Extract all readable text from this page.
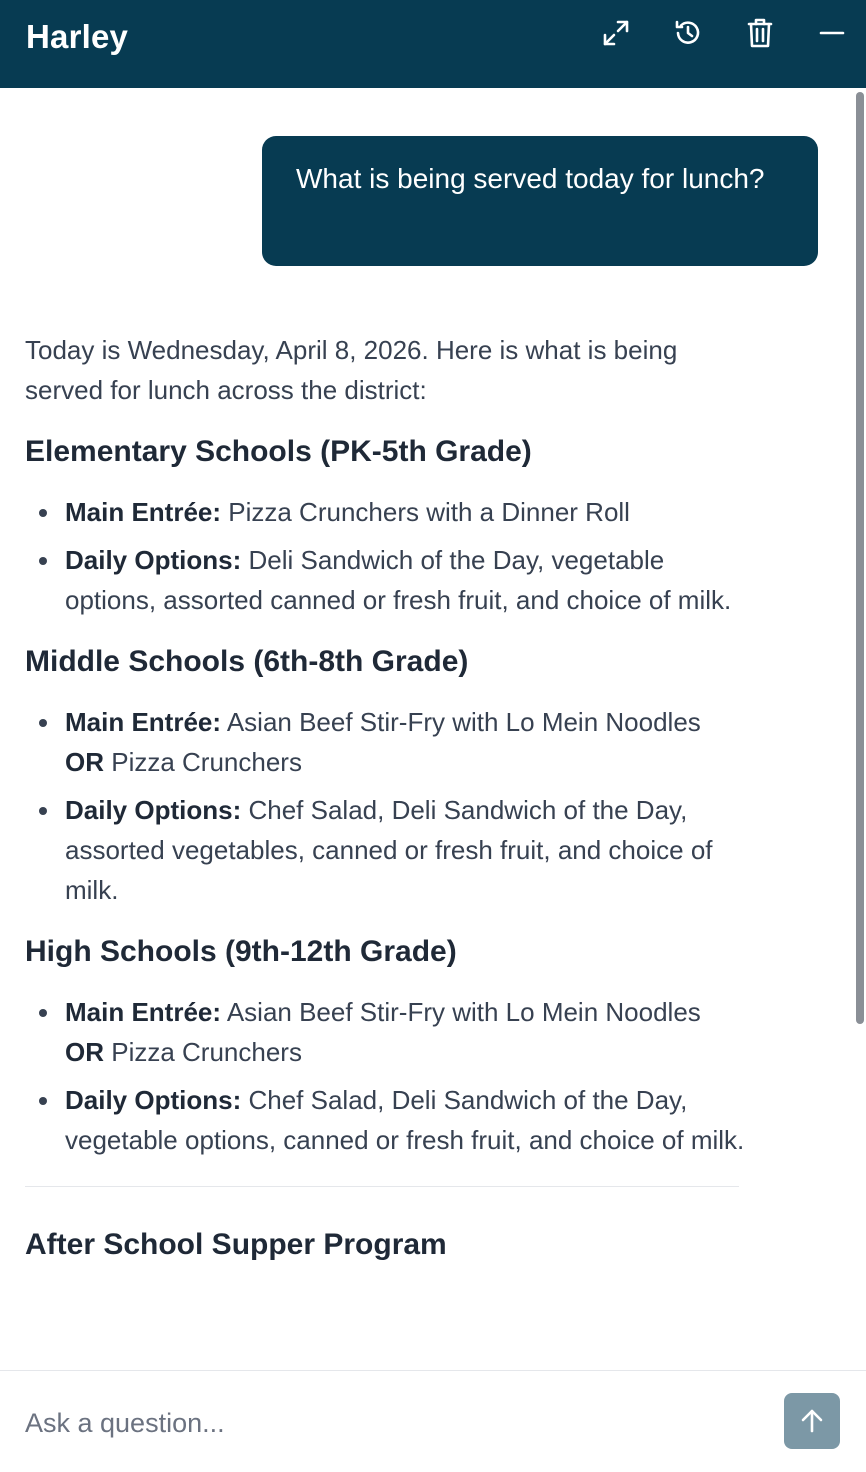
Harley
What is being served today for lunch?

Today is Wednesday, April 8, 2026. Here is what is being served for lunch across the district:

Elementary Schools (PK-5th Grade)
Main Entrée: Pizza Crunchers with a Dinner Roll
Daily Options: Deli Sandwich of the Day, vegetable options, assorted canned or fresh fruit, and choice of milk.
Middle Schools (6th-8th Grade)
Main Entrée: Asian Beef Stir-Fry with Lo Mein Noodles OR Pizza Crunchers
Daily Options: Chef Salad, Deli Sandwich of the Day, assorted vegetables, canned or fresh fruit, and choice of milk.
High Schools (9th-12th Grade)
Main Entrée: Asian Beef Stir-Fry with Lo Mein Noodles OR Pizza Crunchers
Daily Options: Chef Salad, Deli Sandwich of the Day, vegetable options, canned or fresh fruit, and choice of milk.
After School Supper Program
Ask a question...
